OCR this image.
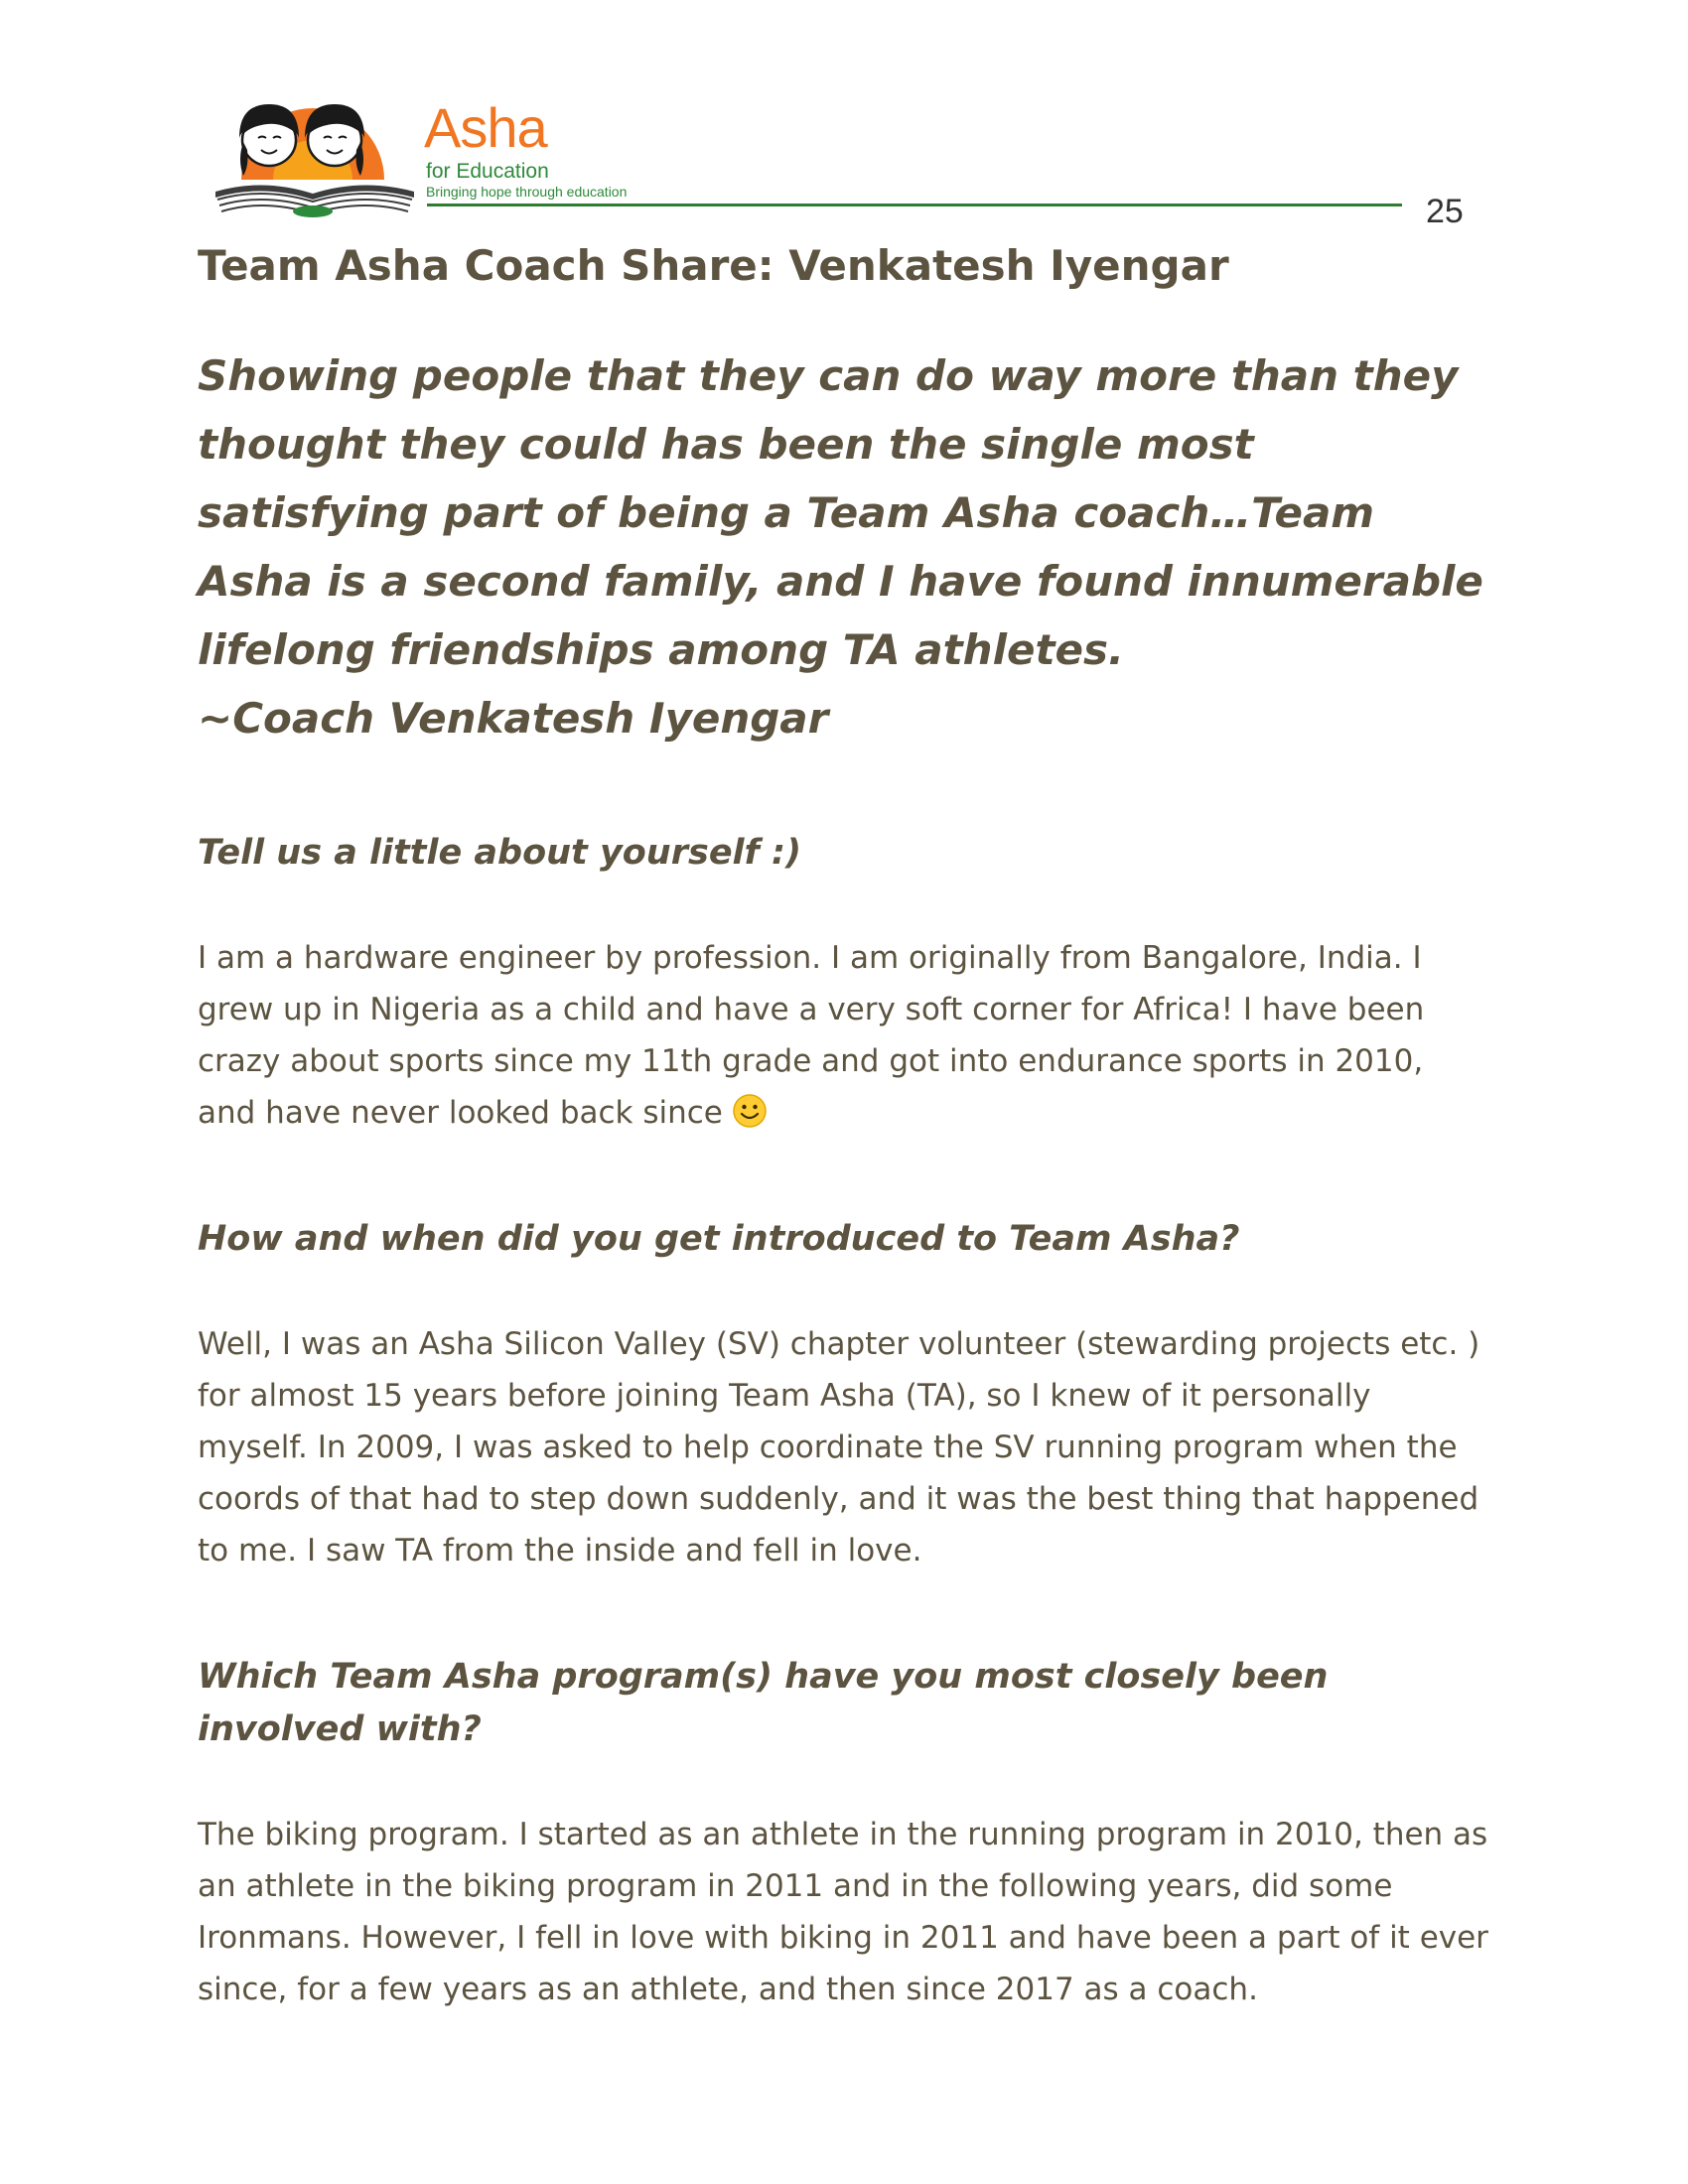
Asha

for Education

Bringing hope through education

25

Team Asha Coach Share: Venkatesh Iyengar

Showing people that they can do way more than they thought they could has been the single most satisfying part of being a Team Asha coach…Team Asha is a second family, and I have found innumerable lifelong friendships among TA athletes.
~Coach Venkatesh Iyengar

Tell us a little about yourself :)

I am a hardware engineer by profession. I am originally from Bangalore, India. I grew up in Nigeria as a child and have a very soft corner for Africa! I have been crazy about sports since my 11th grade and got into endurance sports in 2010, and have never looked back since

How and when did you get introduced to Team Asha?

Well, I was an Asha Silicon Valley (SV) chapter volunteer (stewarding projects etc. ) for almost 15 years before joining Team Asha (TA), so I knew of it personally myself. In 2009, I was asked to help coordinate the SV running program when the coords of that had to step down suddenly, and it was the best thing that happened to me. I saw TA from the inside and fell in love.

Which Team Asha program(s) have you most closely been involved with?

The biking program. I started as an athlete in the running program in 2010, then as an athlete in the biking program in 2011 and in the following years, did some Ironmans. However, I fell in love with biking in 2011 and have been a part of it ever since, for a few years as an athlete, and then since 2017 as a coach.
